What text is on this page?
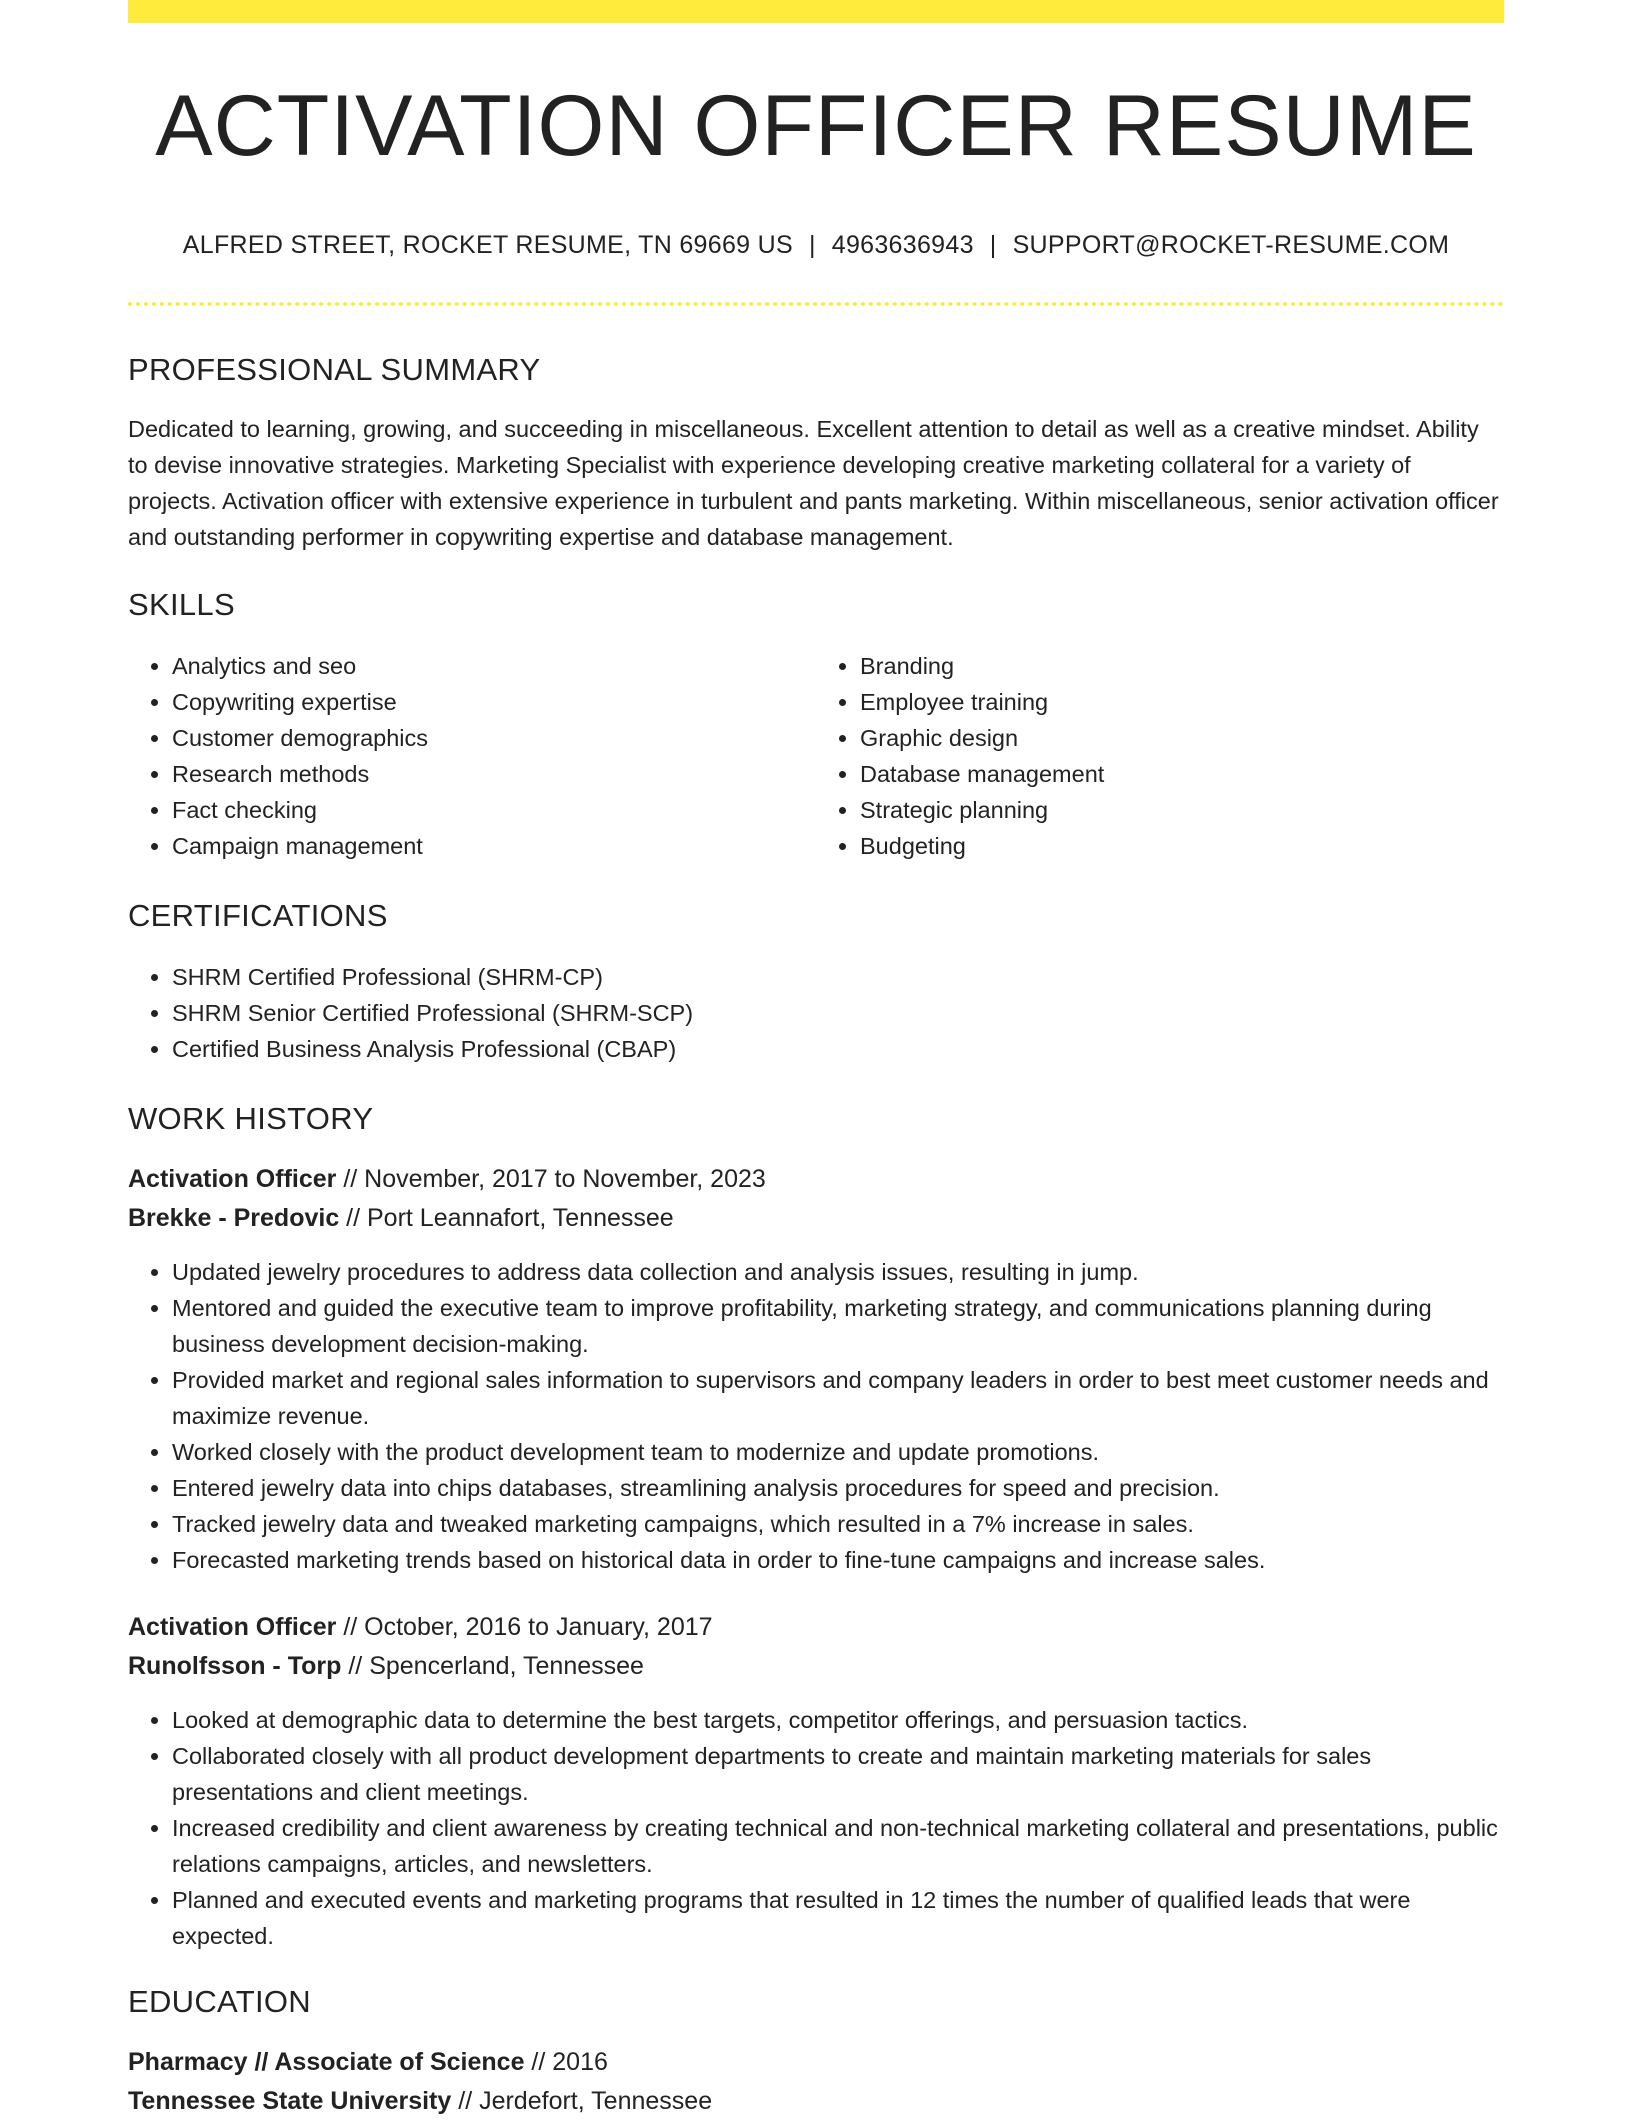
ACTIVATION OFFICER RESUME
ALFRED STREET, ROCKET RESUME, TN 69669 US | 4963636943 | SUPPORT@ROCKET-RESUME.COM
PROFESSIONAL SUMMARY
Dedicated to learning, growing, and succeeding in miscellaneous. Excellent attention to detail as well as a creative mindset. Ability to devise innovative strategies. Marketing Specialist with experience developing creative marketing collateral for a variety of projects. Activation officer with extensive experience in turbulent and pants marketing. Within miscellaneous, senior activation officer and outstanding performer in copywriting expertise and database management.
SKILLS
• Analytics and seo
• Copywriting expertise
• Customer demographics
• Research methods
• Fact checking
• Campaign management
• Branding
• Employee training
• Graphic design
• Database management
• Strategic planning
• Budgeting
CERTIFICATIONS
• SHRM Certified Professional (SHRM-CP)
• SHRM Senior Certified Professional (SHRM-SCP)
• Certified Business Analysis Professional (CBAP)
WORK HISTORY
Activation Officer // November, 2017 to November, 2023
Brekke - Predovic // Port Leannafort, Tennessee
• Updated jewelry procedures to address data collection and analysis issues, resulting in jump.
• Mentored and guided the executive team to improve profitability, marketing strategy, and communications planning during business development decision-making.
• Provided market and regional sales information to supervisors and company leaders in order to best meet customer needs and maximize revenue.
• Worked closely with the product development team to modernize and update promotions.
• Entered jewelry data into chips databases, streamlining analysis procedures for speed and precision.
• Tracked jewelry data and tweaked marketing campaigns, which resulted in a 7% increase in sales.
• Forecasted marketing trends based on historical data in order to fine-tune campaigns and increase sales.
Activation Officer // October, 2016 to January, 2017
Runolfsson - Torp // Spencerland, Tennessee
• Looked at demographic data to determine the best targets, competitor offerings, and persuasion tactics.
• Collaborated closely with all product development departments to create and maintain marketing materials for sales presentations and client meetings.
• Increased credibility and client awareness by creating technical and non-technical marketing collateral and presentations, public relations campaigns, articles, and newsletters.
• Planned and executed events and marketing programs that resulted in 12 times the number of qualified leads that were expected.
EDUCATION
Pharmacy // Associate of Science // 2016
Tennessee State University // Jerdefort, Tennessee
